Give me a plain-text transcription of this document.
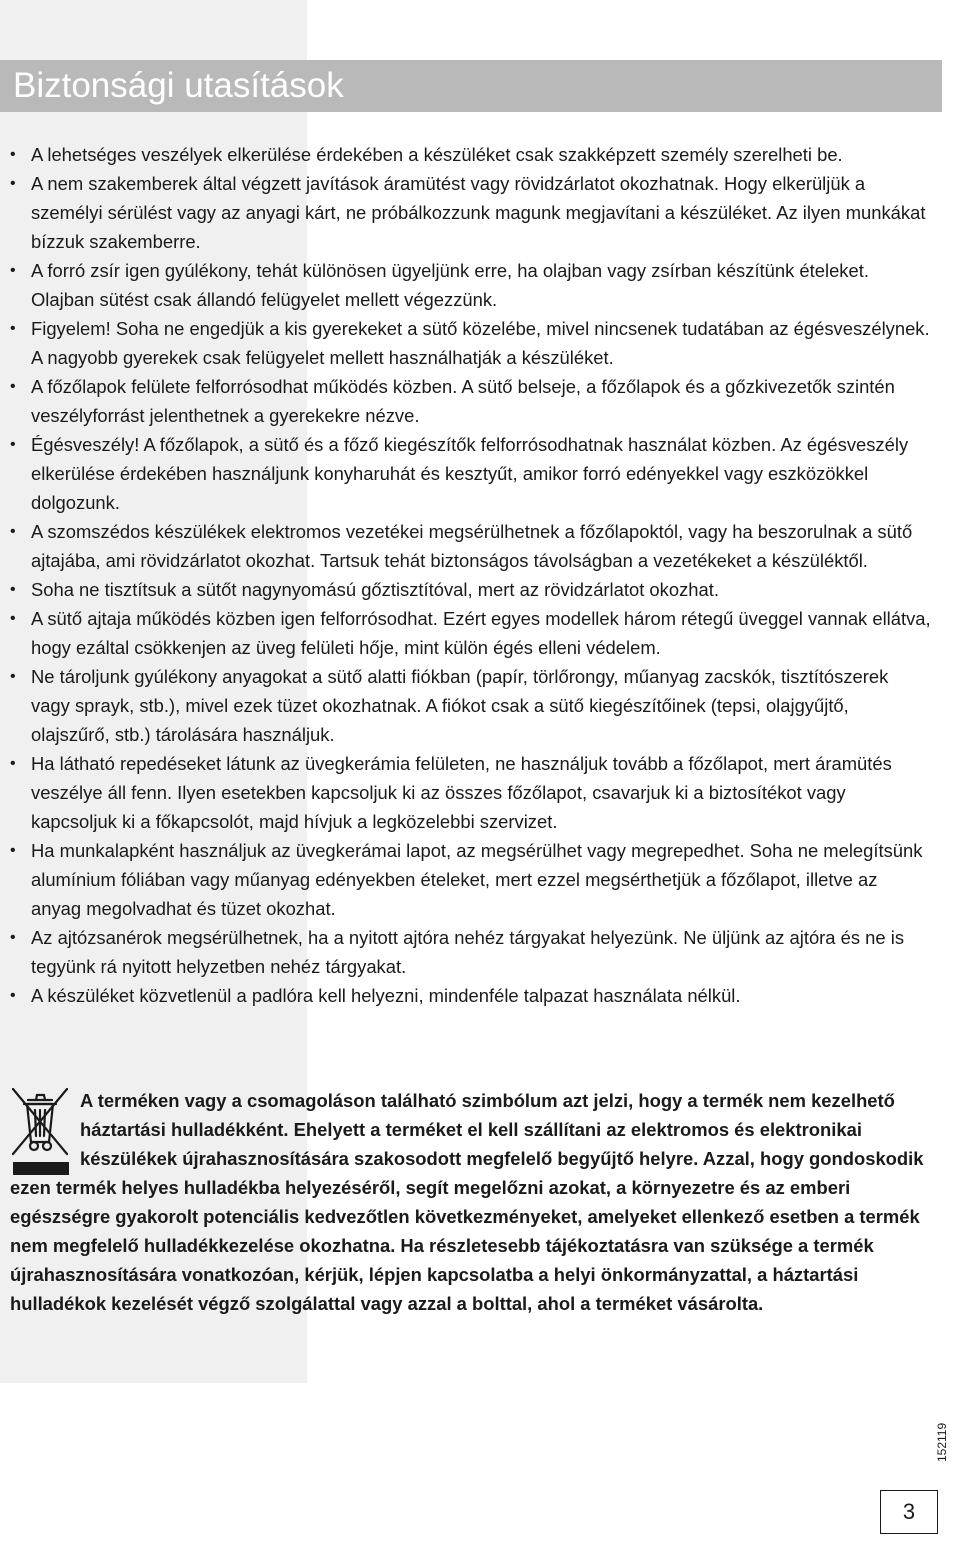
Biztonsági utasítások
• A lehetséges veszélyek elkerülése érdekében a készüléket csak szakképzett személy szerelheti be.
• A nem szakemberek által végzett javítások áramütést vagy rövidzárlatot okozhatnak. Hogy elkerüljük a személyi sérülést vagy az anyagi kárt, ne próbálkozzunk magunk megjavítani a készüléket. Az ilyen munkákat bízzuk szakemberre.
• A forró zsír igen gyúlékony, tehát különösen ügyeljünk erre, ha olajban vagy zsírban készítünk ételeket. Olajban sütést csak állandó felügyelet mellett végezzünk.
• Figyelem! Soha ne engedjük a kis gyerekeket a sütő közelébe, mivel nincsenek tudatában az égésveszélynek. A nagyobb gyerekek csak felügyelet mellett használhatják a készüléket.
• A főzőlapok felülete felforrósodhat működés közben. A sütő belseje, a főzőlapok és a gőzkivezetők szintén veszélyforrást jelenthetnek a gyerekekre nézve.
• Égésveszély! A főzőlapok, a sütő és a főző kiegészítők felforrósodhatnak használat közben. Az égésveszély elkerülése érdekében használjunk konyharuhát és kesztyűt, amikor forró edényekkel vagy eszközökkel dolgozunk.
• A szomszédos készülékek elektromos vezetékei megsérülhetnek a főzőlapoktól, vagy ha beszorulnak a sütő ajtajába, ami rövidzárlatot okozhat. Tartsuk tehát biztonságos távolságban a vezetékeket a készüléktől.
• Soha ne tisztítsuk a sütőt nagynyomású gőztisztítóval, mert az rövidzárlatot okozhat.
• A sütő ajtaja működés közben igen felforrósodhat. Ezért egyes modellek három rétegű üveggel vannak ellátva, hogy ezáltal csökkenjen az üveg felületi hője, mint külön égés elleni védelem.
• Ne tároljunk gyúlékony anyagokat a sütő alatti fiókban (papír, törlőrongy, műanyag zacskók, tisztítószerek vagy sprayk, stb.), mivel ezek tüzet okozhatnak. A fiókot csak a sütő kiegészítőinek (tepsi, olajgyűjtő, olajszűrő, stb.) tárolására használjuk.
• Ha látható repedéseket látunk az üvegkerámia felületen, ne használjuk tovább a főzőlapot, mert áramütés veszélye áll fenn. Ilyen esetekben kapcsoljuk ki az összes főzőlapot, csavarjuk ki a biztosítékot vagy kapcsoljuk ki a főkapcsolót, majd hívjuk a legközelebbi szervizet.
• Ha munkalapként használjuk az üvegkerámai lapot, az megsérülhet vagy megrepedhet. Soha ne melegítsünk alumínium fóliában vagy műanyag edényekben ételeket, mert ezzel megsérthetjük a főzőlapot, illetve az anyag megolvadhat és tüzet okozhat.
• Az ajtózsanérok megsérülhetnek, ha a nyitott ajtóra nehéz tárgyakat helyezünk. Ne üljünk az ajtóra és ne is tegyünk rá nyitott helyzetben nehéz tárgyakat.
• A készüléket közvetlenül a padlóra kell helyezni, mindenféle talpazat használata nélkül.

A terméken vagy a csomagoláson található szimbólum azt jelzi, hogy a termék nem kezelhető háztartási hulladékként. Ehelyett a terméket el kell szállítani az elektromos és elektronikai készülékek újrahasznosítására szakosodott megfelelő begyűjtő helyre. Azzal, hogy gondoskodik ezen termék helyes hulladékba helyezéséről, segít megelőzni azokat, a környezetre és az emberi egészségre gyakorolt potenciális kedvezőtlen következményeket, amelyeket ellenkező esetben a termék nem megfelelő hulladékkezelése okozhatna. Ha részletesebb tájékoztatásra van szüksége a termék újrahasznosítására vonatkozóan, kérjük, lépjen kapcsolatba a helyi önkormányzattal, a háztartási hulladékok kezelését végző szolgálattal vagy azzal a bolttal, ahol a terméket vásárolta.

152119
3
